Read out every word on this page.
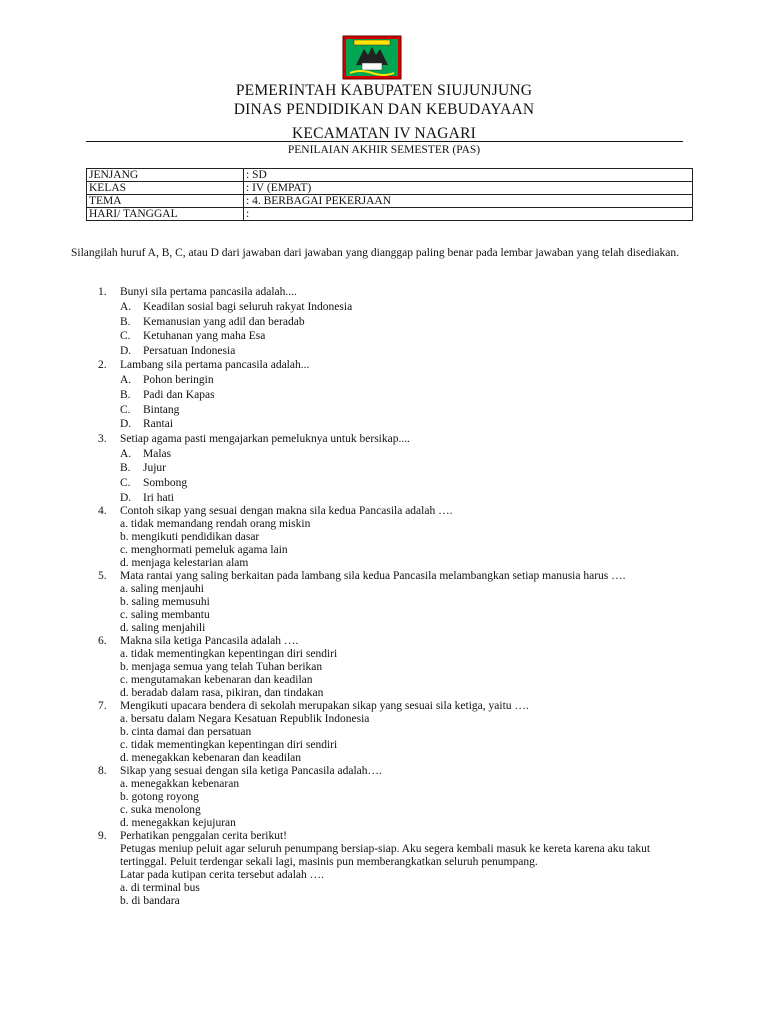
PEMERINTAH KABUPATEN SIUJUNJUNG
DINAS PENDIDIKAN DAN KEBUDAYAAN
KECAMATAN IV NAGARI
PENILAIAN AKHIR SEMESTER (PAS)
JENJANG	: SD
KELAS	: IV (EMPAT)
TEMA	: 4. BERBAGAI PEKERJAAN
HARI/ TANGGAL	:
Silangilah huruf A, B, C, atau D dari jawaban dari jawaban yang dianggap paling benar pada lembar jawaban yang telah disediakan.
1. Bunyi sila pertama pancasila adalah....
A. Keadilan sosial bagi seluruh rakyat Indonesia
B. Kemanusian yang adil dan beradab
C. Ketuhanan yang maha Esa
D. Persatuan Indonesia
2. Lambang sila pertama pancasila adalah...
A. Pohon beringin
B. Padi dan Kapas
C. Bintang
D. Rantai
3. Setiap agama pasti mengajarkan pemeluknya untuk bersikap....
A. Malas
B. Jujur
C. Sombong
D. Iri hati
4. Contoh sikap yang sesuai dengan makna sila kedua Pancasila adalah ….
a. tidak memandang rendah orang miskin
b. mengikuti pendidikan dasar
c. menghormati pemeluk agama lain
d. menjaga kelestarian alam
5. Mata rantai yang saling berkaitan pada lambang sila kedua Pancasila melambangkan setiap manusia harus ….
a. saling menjauhi
b. saling memusuhi
c. saling membantu
d. saling menjahili
6. Makna sila ketiga Pancasila adalah ….
a. tidak mementingkan kepentingan diri sendiri
b. menjaga semua yang telah Tuhan berikan
c. mengutamakan kebenaran dan keadilan
d. beradab dalam rasa, pikiran, dan tindakan
7. Mengikuti upacara bendera di sekolah merupakan sikap yang sesuai sila ketiga, yaitu ….
a. bersatu dalam Negara Kesatuan Republik Indonesia
b. cinta damai dan persatuan
c. tidak mementingkan kepentingan diri sendiri
d. menegakkan kebenaran dan keadilan
8. Sikap yang sesuai dengan sila ketiga Pancasila adalah….
a. menegakkan kebenaran
b. gotong royong
c. suka menolong
d. menegakkan kejujuran
9. Perhatikan penggalan cerita berikut!
Petugas meniup peluit agar seluruh penumpang bersiap-siap. Aku segera kembali masuk ke kereta karena aku takut tertinggal. Peluit terdengar sekali lagi, masinis pun memberangkatkan seluruh penumpang.
Latar pada kutipan cerita tersebut adalah ….
a. di terminal bus
b. di bandara
